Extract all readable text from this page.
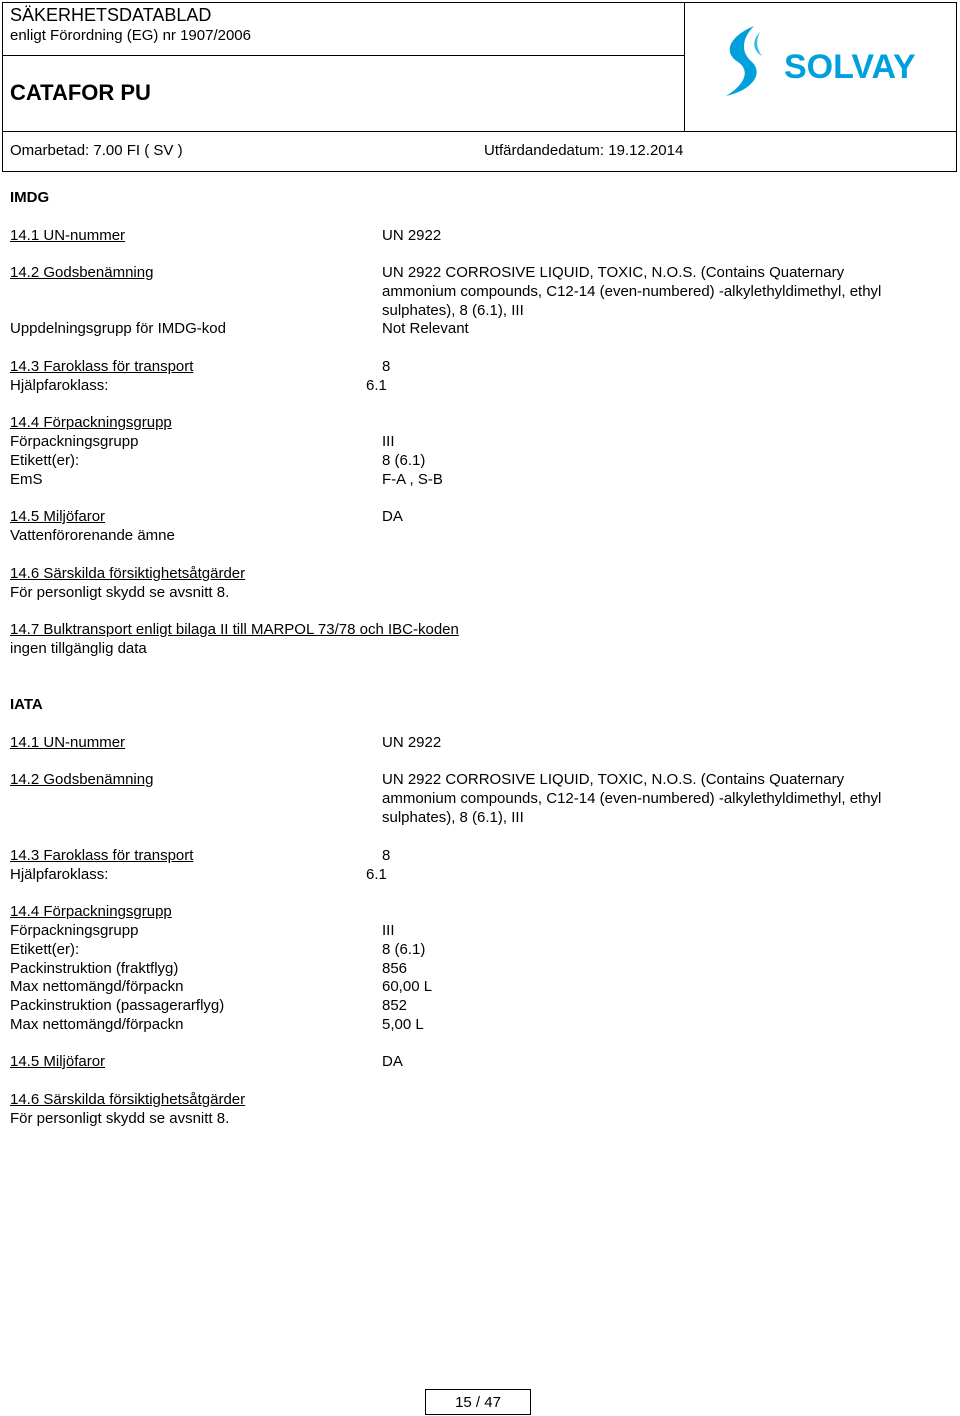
SÄKERHETSDATABLAD
enligt Förordning (EG) nr 1907/2006
CATAFOR PU
Omarbetad: 7.00 FI ( SV )	Utfärdandedatum: 19.12.2014
SOLVAY
IMDG
14.1 UN-nummer	UN 2922
14.2 Godsbenämning	UN 2922 CORROSIVE LIQUID, TOXIC, N.O.S. (Contains Quaternary
ammonium compounds, C12-14 (even-numbered) -alkylethyldimethyl, ethyl
sulphates), 8 (6.1), III
Uppdelningsgrupp för IMDG-kod	Not Relevant
14.3 Faroklass för transport	8
Hjälpfaroklass:	6.1
14.4 Förpackningsgrupp
Förpackningsgrupp	III
Etikett(er):	8 (6.1)
EmS	F-A , S-B
14.5 Miljöfaror	DA
Vattenförorenande ämne
14.6 Särskilda försiktighetsåtgärder
För personligt skydd se avsnitt 8.
14.7 Bulktransport enligt bilaga II till MARPOL 73/78 och IBC-koden
ingen tillgänglig data
IATA
14.1 UN-nummer	UN 2922
14.2 Godsbenämning	UN 2922 CORROSIVE LIQUID, TOXIC, N.O.S. (Contains Quaternary
ammonium compounds, C12-14 (even-numbered) -alkylethyldimethyl, ethyl
sulphates), 8 (6.1), III
14.3 Faroklass för transport	8
Hjälpfaroklass:	6.1
14.4 Förpackningsgrupp
Förpackningsgrupp	III
Etikett(er):	8 (6.1)
Packinstruktion (fraktflyg)	856
Max nettomängd/förpackn	60,00 L
Packinstruktion (passagerarflyg)	852
Max nettomängd/förpackn	5,00 L
14.5 Miljöfaror	DA
14.6 Särskilda försiktighetsåtgärder
För personligt skydd se avsnitt 8.
15 / 47
